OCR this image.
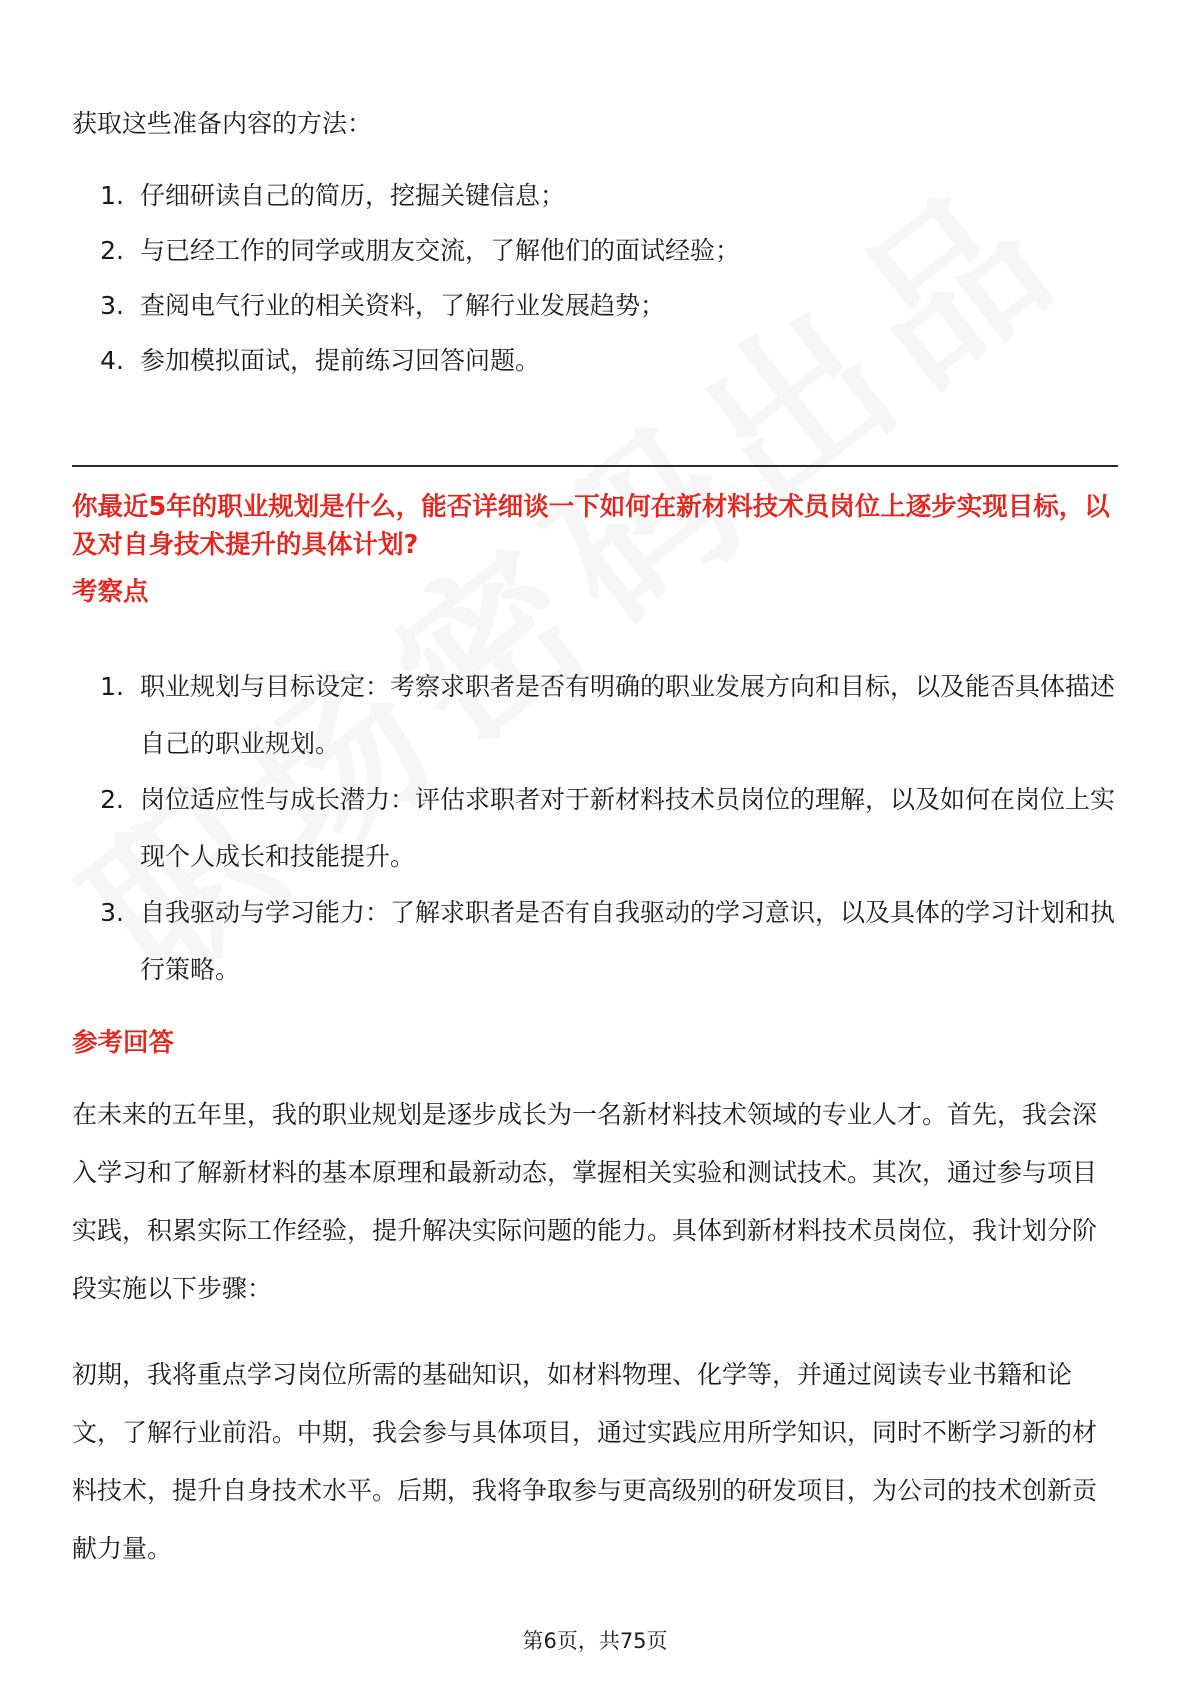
获取这些准备内容的方法：

1. 仔细研读自己的简历，挖掘关键信息；
2. 与已经工作的同学或朋友交流，了解他们的面试经验；
3. 查阅电气行业的相关资料，了解行业发展趋势；
4. 参加模拟面试，提前练习回答问题。
你最近5年的职业规划是什么，能否详细谈一下如何在新材料技术员岗位上逐步实现目标，以及对自身技术提升的具体计划?
考察点
1. 职业规划与目标设定：考察求职者是否有明确的职业发展方向和目标，以及能否具体描述自己的职业规划。
2. 岗位适应性与成长潜力：评估求职者对于新材料技术员岗位的理解，以及如何在岗位上实现个人成长和技能提升。
3. 自我驱动与学习能力：了解求职者是否有自我驱动的学习意识，以及具体的学习计划和执行策略。
参考回答

在未来的五年里，我的职业规划是逐步成长为一名新材料技术领域的专业人才。首先，我会深入学习和了解新材料的基本原理和最新动态，掌握相关实验和测试技术。其次，通过参与项目实践，积累实际工作经验，提升解决实际问题的能力。具体到新材料技术员岗位，我计划分阶段实施以下步骤：

初期，我将重点学习岗位所需的基础知识，如材料物理、化学等，并通过阅读专业书籍和论文，了解行业前沿。中期，我会参与具体项目，通过实践应用所学知识，同时不断学习新的材料技术，提升自身技术水平。后期，我将争取参与更高级别的研发项目，为公司的技术创新贡献力量。

第6页，共75页
